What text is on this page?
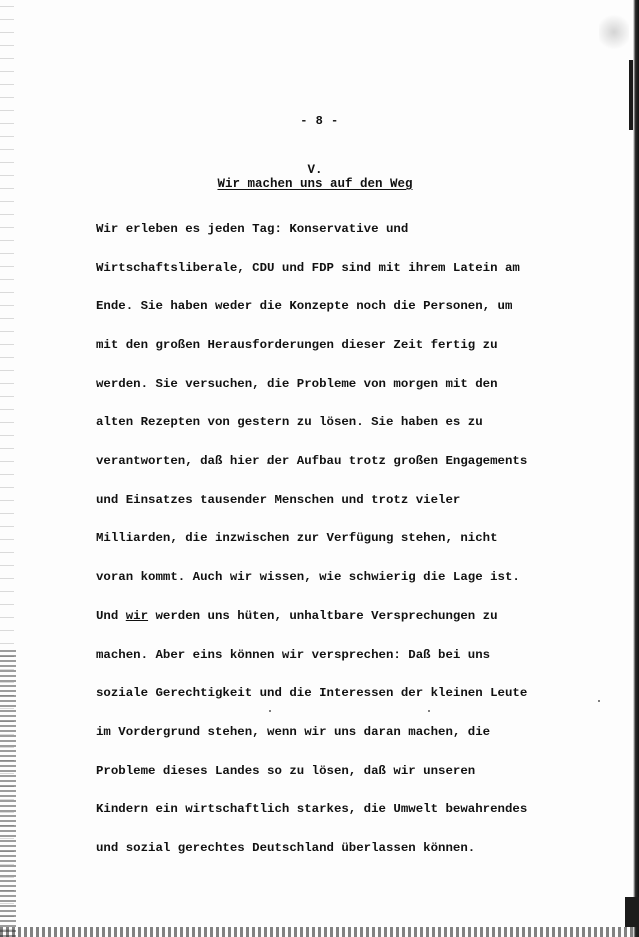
- 8 -
V.
Wir machen uns auf den Weg

Wir erleben es jeden Tag: Konservative und

Wirtschaftsliberale, CDU und FDP sind mit ihrem Latein am

Ende. Sie haben weder die Konzepte noch die Personen, um

mit den großen Herausforderungen dieser Zeit fertig zu

werden. Sie versuchen, die Probleme von morgen mit den

alten Rezepten von gestern zu lösen. Sie haben es zu

verantworten, daß hier der Aufbau trotz großen Engagements

und Einsatzes tausender Menschen und trotz vieler

Milliarden, die inzwischen zur Verfügung stehen, nicht

voran kommt. Auch wir wissen, wie schwierig die Lage ist.

Und wir werden uns hüten, unhaltbare Versprechungen zu

machen. Aber eins können wir versprechen: Daß bei uns

soziale Gerechtigkeit und die Interessen der kleinen Leute

im Vordergrund stehen, wenn wir uns daran machen, die

Probleme dieses Landes so zu lösen, daß wir unseren

Kindern ein wirtschaftlich starkes, die Umwelt bewahrendes

und sozial gerechtes Deutschland überlassen können.
